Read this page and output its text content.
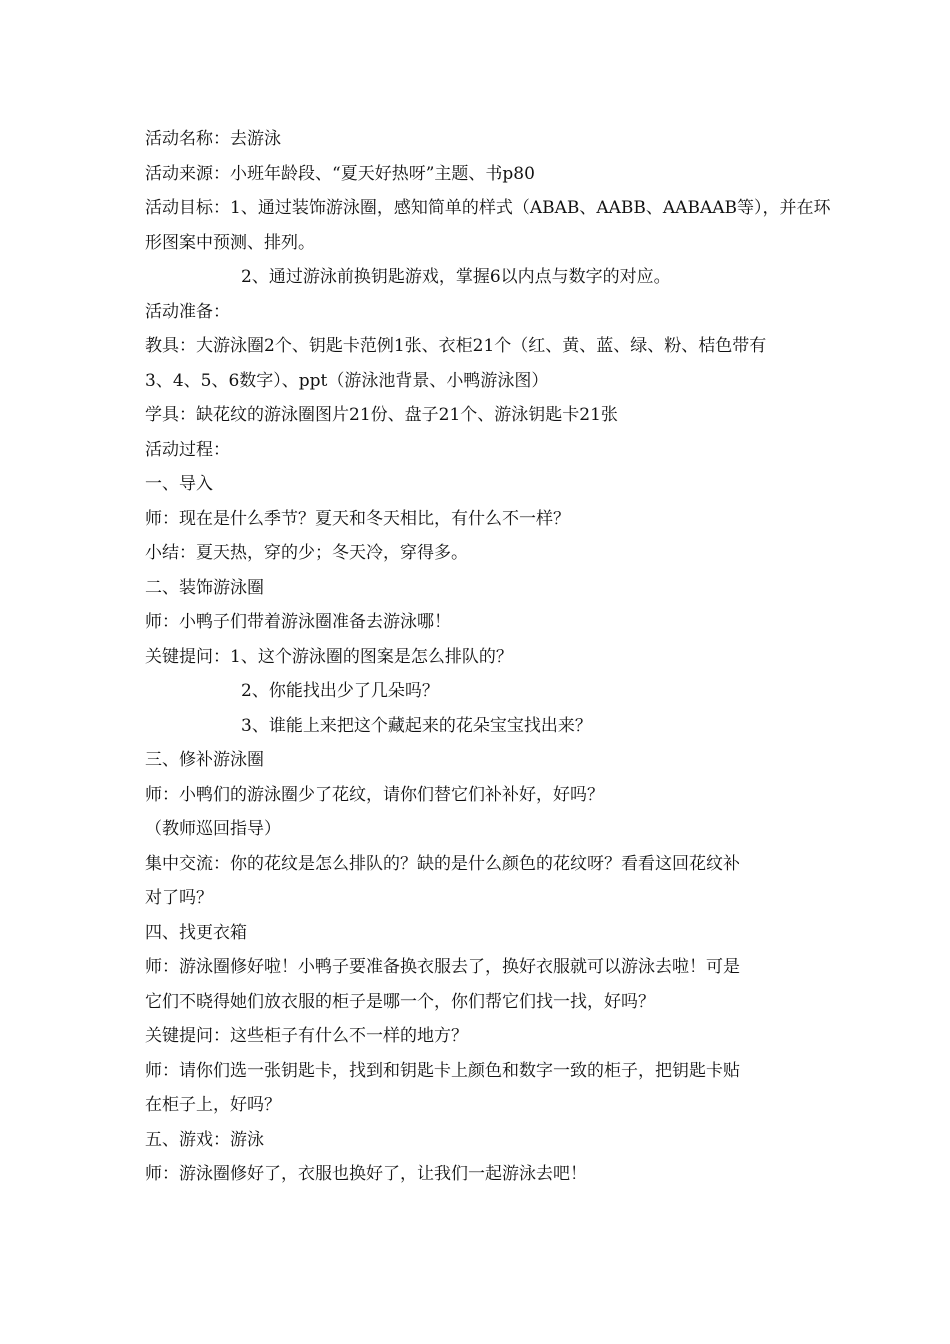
活动名称：去游泳

活动来源：小班年龄段、“夏天好热呀”主题、书p80

活动目标：1、通过装饰游泳圈，感知简单的样式（ABAB、AABB、AABAAB等），并在环

形图案中预测、排列。

2、通过游泳前换钥匙游戏，掌握6以内点与数字的对应。

活动准备：

教具：大游泳圈2个、钥匙卡范例1张、衣柜21个（红、黄、蓝、绿、粉、桔色带有

3、4、5、6数字）、ppt（游泳池背景、小鸭游泳图）

学具：缺花纹的游泳圈图片21份、盘子21个、游泳钥匙卡21张

活动过程：

一、导入

师：现在是什么季节？夏天和冬天相比，有什么不一样？

小结：夏天热，穿的少；冬天冷，穿得多。

二、装饰游泳圈

师：小鸭子们带着游泳圈准备去游泳哪！

关键提问：1、这个游泳圈的图案是怎么排队的？

2、你能找出少了几朵吗？

3、谁能上来把这个藏起来的花朵宝宝找出来？

三、修补游泳圈

师：小鸭们的游泳圈少了花纹，请你们替它们补补好，好吗？

（教师巡回指导）

集中交流：你的花纹是怎么排队的？缺的是什么颜色的花纹呀？看看这回花纹补

对了吗？

四、找更衣箱

师：游泳圈修好啦！小鸭子要准备换衣服去了，换好衣服就可以游泳去啦！可是

它们不晓得她们放衣服的柜子是哪一个，你们帮它们找一找，好吗？

关键提问：这些柜子有什么不一样的地方？

师：请你们选一张钥匙卡，找到和钥匙卡上颜色和数字一致的柜子，把钥匙卡贴

在柜子上，好吗？

五、游戏：游泳

师：游泳圈修好了，衣服也换好了，让我们一起游泳去吧！
